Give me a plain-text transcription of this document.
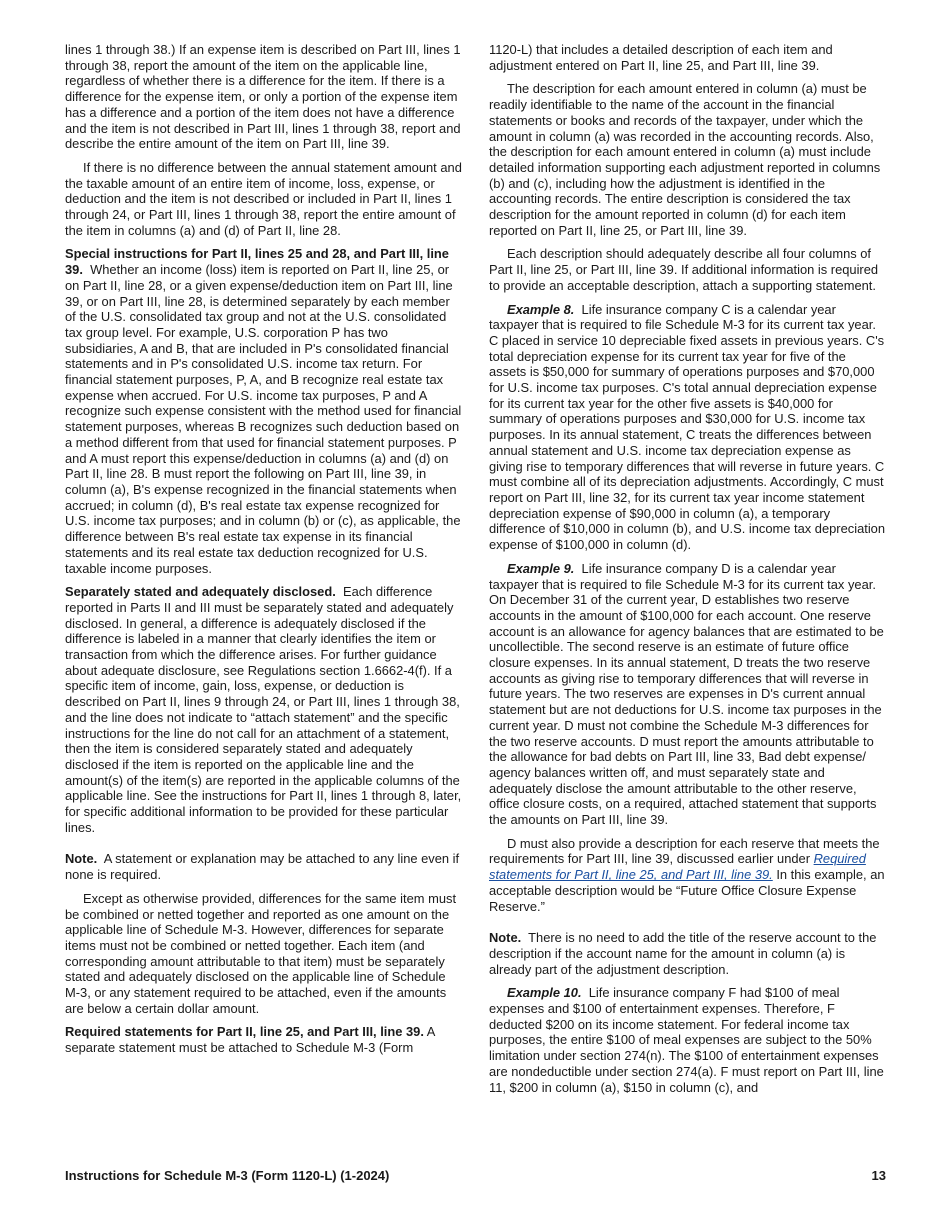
lines 1 through 38.) If an expense item is described on Part III, lines 1 through 38, report the amount of the item on the applicable line, regardless of whether there is a difference for the item. If there is a difference for the expense item, or only a portion of the expense item has a difference and a portion of the item does not have a difference and the item is not described in Part III, lines 1 through 38, report and describe the entire amount of the item on Part III, line 39.

If there is no difference between the annual statement amount and the taxable amount of an entire item of income, loss, expense, or deduction and the item is not described or included in Part II, lines 1 through 24, or Part III, lines 1 through 38, report the entire amount of the item in columns (a) and (d) of Part II, line 28.

Special instructions for Part II, lines 25 and 28, and Part III, line 39. Whether an income (loss) item is reported on Part II, line 25, or on Part II, line 28, or a given expense/deduction item on Part III, line 39, or on Part III, line 28, is determined separately by each member of the U.S. consolidated tax group and not at the U.S. consolidated tax group level. For example, U.S. corporation P has two subsidiaries, A and B, that are included in P's consolidated financial statements and in P's consolidated U.S. income tax return. For financial statement purposes, P, A, and B recognize real estate tax expense when accrued. For U.S. income tax purposes, P and A recognize such expense consistent with the method used for financial statement purposes, whereas B recognizes such deduction based on a method different from that used for financial statement purposes. P and A must report this expense/deduction in columns (a) and (d) on Part II, line 28. B must report the following on Part III, line 39, in column (a), B's expense recognized in the financial statements when accrued; in column (d), B's real estate tax expense recognized for U.S. income tax purposes; and in column (b) or (c), as applicable, the difference between B's real estate tax expense in its financial statements and its real estate tax deduction recognized for U.S. taxable income purposes.

Separately stated and adequately disclosed. Each difference reported in Parts II and III must be separately stated and adequately disclosed. In general, a difference is adequately disclosed if the difference is labeled in a manner that clearly identifies the item or transaction from which the difference arises. For further guidance about adequate disclosure, see Regulations section 1.6662-4(f). If a specific item of income, gain, loss, expense, or deduction is described on Part II, lines 9 through 24, or Part III, lines 1 through 38, and the line does not indicate to “attach statement” and the specific instructions for the line do not call for an attachment of a statement, then the item is considered separately stated and adequately disclosed if the item is reported on the applicable line and the amount(s) of the item(s) are reported in the applicable columns of the applicable line. See the instructions for Part II, lines 1 through 8, later, for specific additional information to be provided for these particular lines.

Note. A statement or explanation may be attached to any line even if none is required.

Except as otherwise provided, differences for the same item must be combined or netted together and reported as one amount on the applicable line of Schedule M-3. However, differences for separate items must not be combined or netted together. Each item (and corresponding amount attributable to that item) must be separately stated and adequately disclosed on the applicable line of Schedule M-3, or any statement required to be attached, even if the amounts are below a certain dollar amount.

Required statements for Part II, line 25, and Part III, line 39. A separate statement must be attached to Schedule M-3 (Form

1120-L) that includes a detailed description of each item and adjustment entered on Part II, line 25, and Part III, line 39.

The description for each amount entered in column (a) must be readily identifiable to the name of the account in the financial statements or books and records of the taxpayer, under which the amount in column (a) was recorded in the accounting records. Also, the description for each amount entered in column (a) must include detailed information supporting each adjustment reported in columns (b) and (c), including how the adjustment is identified in the accounting records. The entire description is considered the tax description for the amount reported in column (d) for each item reported on Part II, line 25, or Part III, line 39.

Each description should adequately describe all four columns of Part II, line 25, or Part III, line 39. If additional information is required to provide an acceptable description, attach a supporting statement.

Example 8. Life insurance company C is a calendar year taxpayer that is required to file Schedule M-3 for its current tax year. C placed in service 10 depreciable fixed assets in previous years. C's total depreciation expense for its current tax year for five of the assets is $50,000 for summary of operations purposes and $70,000 for U.S. income tax purposes. C's total annual depreciation expense for its current tax year for the other five assets is $40,000 for summary of operations purposes and $30,000 for U.S. income tax purposes. In its annual statement, C treats the differences between annual statement and U.S. income tax depreciation expense as giving rise to temporary differences that will reverse in future years. C must combine all of its depreciation adjustments. Accordingly, C must report on Part III, line 32, for its current tax year income statement depreciation expense of $90,000 in column (a), a temporary difference of $10,000 in column (b), and U.S. income tax depreciation expense of $100,000 in column (d).

Example 9. Life insurance company D is a calendar year taxpayer that is required to file Schedule M-3 for its current tax year. On December 31 of the current year, D establishes two reserve accounts in the amount of $100,000 for each account. One reserve account is an allowance for agency balances that are estimated to be uncollectible. The second reserve is an estimate of future office closure expenses. In its annual statement, D treats the two reserve accounts as giving rise to temporary differences that will reverse in future years. The two reserves are expenses in D's current annual statement but are not deductions for U.S. income tax purposes in the current year. D must not combine the Schedule M-3 differences for the two reserve accounts. D must report the amounts attributable to the allowance for bad debts on Part III, line 33, Bad debt expense/ agency balances written off, and must separately state and adequately disclose the amount attributable to the other reserve, office closure costs, on a required, attached statement that supports the amounts on Part III, line 39.

D must also provide a description for each reserve that meets the requirements for Part III, line 39, discussed earlier under Required statements for Part II, line 25, and Part III, line 39. In this example, an acceptable description would be “Future Office Closure Expense Reserve.”

Note. There is no need to add the title of the reserve account to the description if the account name for the amount in column (a) is already part of the adjustment description.

Example 10. Life insurance company F had $100 of meal expenses and $100 of entertainment expenses. Therefore, F deducted $200 on its income statement. For federal income tax purposes, the entire $100 of meal expenses are subject to the 50% limitation under section 274(n). The $100 of entertainment expenses are nondeductible under section 274(a). F must report on Part III, line 11, $200 in column (a), $150 in column (c), and

Instructions for Schedule M-3 (Form 1120-L) (1-2024)	13
